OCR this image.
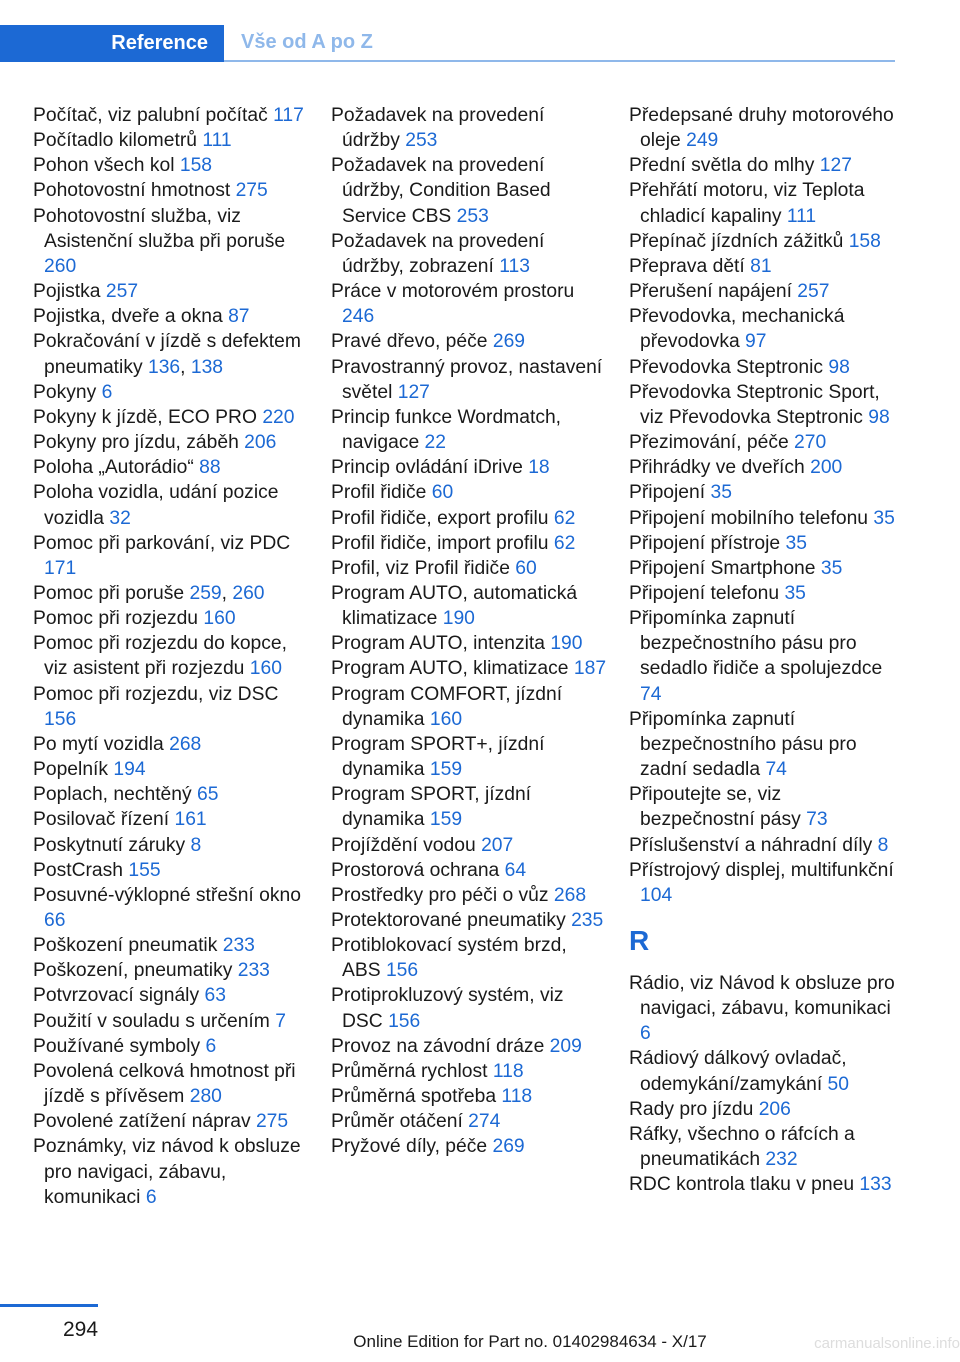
Reference	Vše od A po Z
Počítač, viz palubní počítač 117
Počítadlo kilometrů 111
Pohon všech kol 158
Pohotovostní hmotnost 275
Pohotovostní služba, viz Asistenční služba při poruše 260
Pojistka 257
Pojistka, dveře a okna 87
Pokračování v jízdě s defektem pneumatiky 136, 138
Pokyny 6
Pokyny k jízdě, ECO PRO 220
Pokyny pro jízdu, záběh 206
Poloha „Autorádio“ 88
Poloha vozidla, udání pozice vozidla 32
Pomoc při parkování, viz PDC 171
Pomoc při poruše 259, 260
Pomoc při rozjezdu 160
Pomoc při rozjezdu do kopce, viz asistent při rozjezdu 160
Pomoc při rozjezdu, viz DSC 156
Po mytí vozidla 268
Popelník 194
Poplach, nechtěný 65
Posilovač řízení 161
Poskytnutí záruky 8
PostCrash 155
Posuvné-výklopné střešní okno 66
Poškození pneumatik 233
Poškození, pneumatiky 233
Potvrzovací signály 63
Použití v souladu s určením 7
Používané symboly 6
Povolená celková hmotnost při jízdě s přívěsem 280
Povolené zatížení náprav 275
Poznámky, viz návod k obsluze pro navigaci, zábavu, komunikaci 6
Požadavek na provedení údržby 253
Požadavek na provedení údržby, Condition Based Service CBS 253
Požadavek na provedení údržby, zobrazení 113
Práce v motorovém prostoru 246
Pravé dřevo, péče 269
Pravostranný provoz, nastavení světel 127
Princip funkce Wordmatch, navigace 22
Princip ovládání iDrive 18
Profil řidiče 60
Profil řidiče, export profilu 62
Profil řidiče, import profilu 62
Profil, viz Profil řidiče 60
Program AUTO, automatická klimatizace 190
Program AUTO, intenzita 190
Program AUTO, klimatizace 187
Program COMFORT, jízdní dynamika 160
Program SPORT+, jízdní dynamika 159
Program SPORT, jízdní dynamika 159
Projíždění vodou 207
Prostorová ochrana 64
Prostředky pro péči o vůz 268
Protektorované pneumatiky 235
Protiblokovací systém brzd, ABS 156
Protiprokluzový systém, viz DSC 156
Provoz na závodní dráze 209
Průměrná rychlost 118
Průměrná spotřeba 118
Průměr otáčení 274
Pryžové díly, péče 269
Předepsané druhy motorového oleje 249
Přední světla do mlhy 127
Přehřátí motoru, viz Teplota chladicí kapaliny 111
Přepínač jízdních zážitků 158
Přeprava dětí 81
Přerušení napájení 257
Převodovka, mechanická převodovka 97
Převodovka Steptronic 98
Převodovka Steptronic Sport, viz Převodovka Steptronic 98
Přezimování, péče 270
Přihrádky ve dveřích 200
Připojení 35
Připojení mobilního telefonu 35
Připojení přístroje 35
Připojení Smartphone 35
Připojení telefonu 35
Připomínka zapnutí bezpečnostního pásu pro sedadlo řidiče a spolujezdce 74
Připomínka zapnutí bezpečnostního pásu pro zadní sedadla 74
Připoutejte se, viz bezpečnostní pásy 73
Příslušenství a náhradní díly 8
Přístrojový displej, multifunkční 104
R
Rádio, viz Návod k obsluze pro navigaci, zábavu, komunikaci 6
Rádiový dálkový ovladač, odemykání/zamykání 50
Rady pro jízdu 206
Ráfky, všechno o ráfcích a pneumatikách 232
RDC kontrola tlaku v pneu 133
294
Online Edition for Part no. 01402984634 - X/17	carmanualsonline.info
